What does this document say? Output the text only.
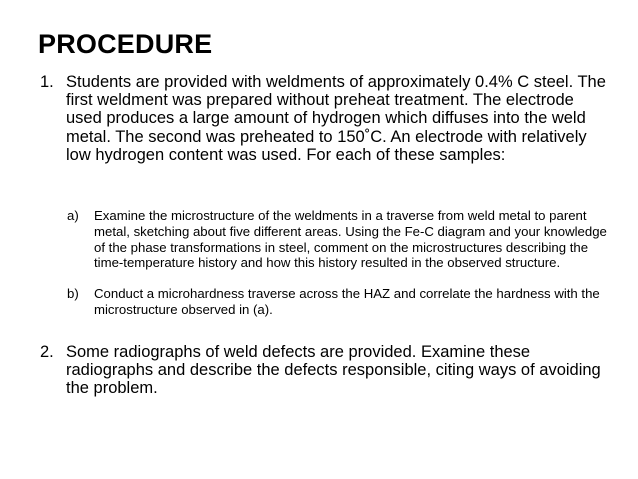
PROCEDURE
1. Students are provided with weldments of approximately 0.4% C steel. The first weldment was prepared without preheat treatment. The electrode used produces a large amount of hydrogen which diffuses into the weld metal. The second was preheated to 150˚C. An electrode with relatively low hydrogen content was used. For each of these samples:
a) Examine the microstructure of the weldments in a traverse from weld metal to parent metal, sketching about five different areas. Using the Fe-C diagram and your knowledge of the phase transformations in steel, comment on the microstructures describing the time-temperature history and how this history resulted in the observed structure.
b) Conduct a microhardness traverse across the HAZ and correlate the hardness with the microstructure observed in (a).
2. Some radiographs of weld defects are provided. Examine these radiographs and describe the defects responsible, citing ways of avoiding the problem.
